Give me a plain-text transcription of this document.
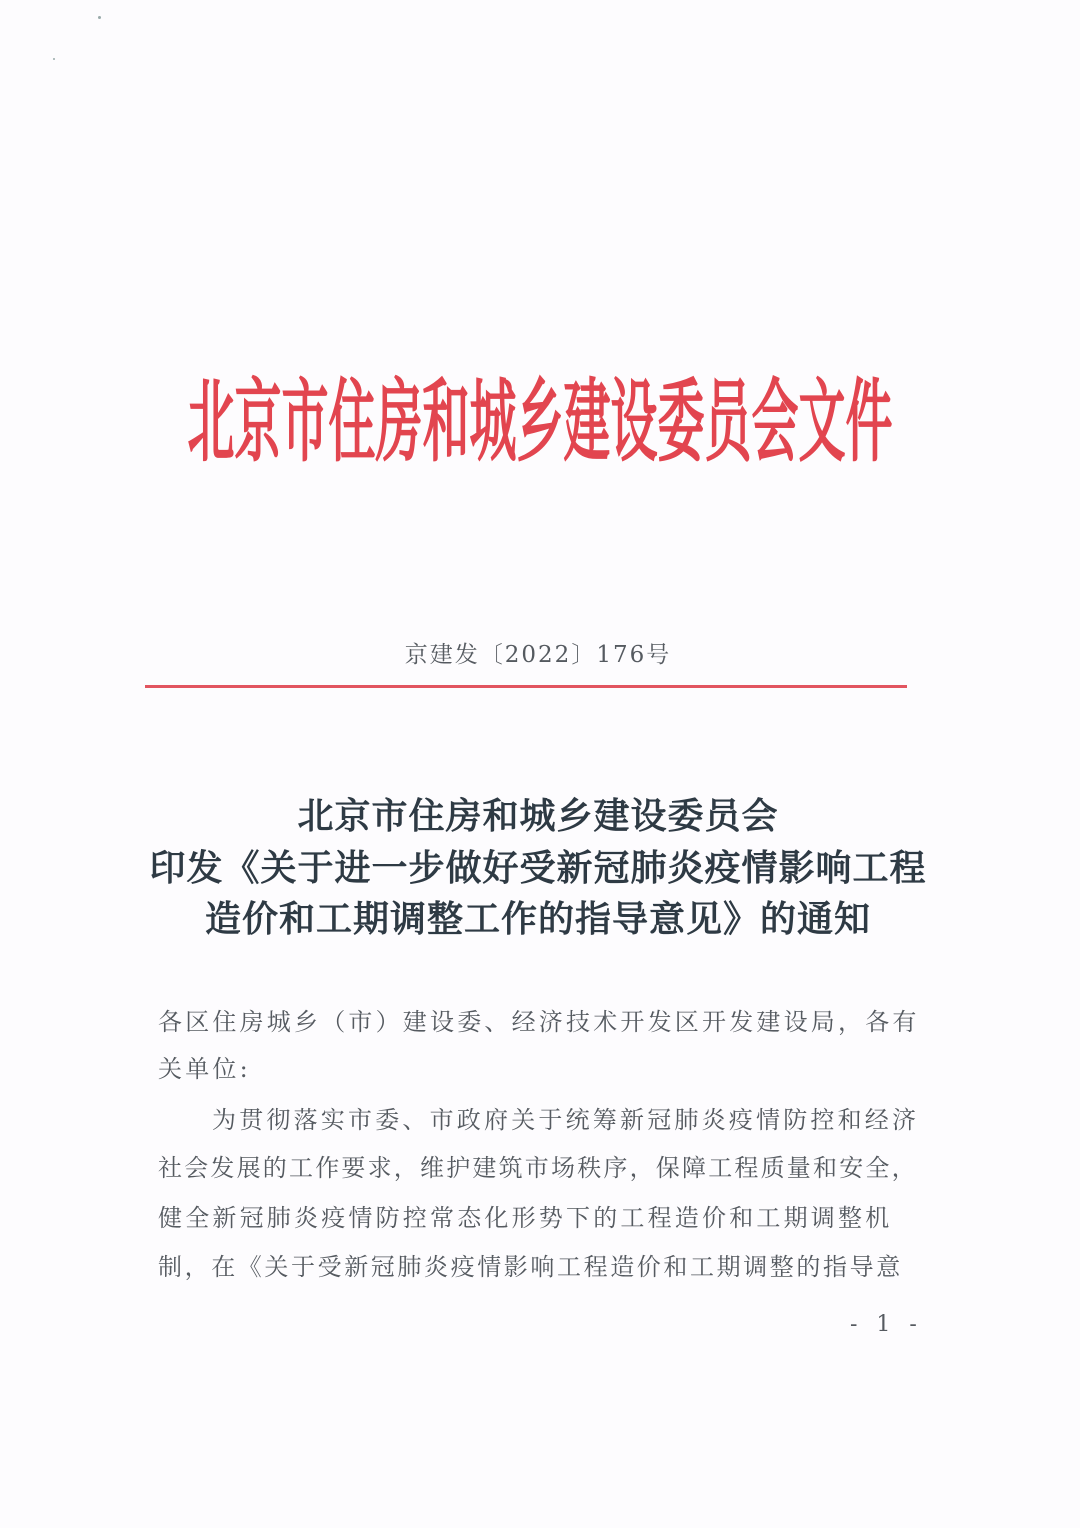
北京市住房和城乡建设委员会文件
京建发〔2022〕176号
北京市住房和城乡建设委员会
印发《关于进一步做好受新冠肺炎疫情影响工程
造价和工期调整工作的指导意见》的通知
各区住房城乡（市）建设委、经济技术开发区开发建设局，各有
关单位:
为贯彻落实市委、市政府关于统筹新冠肺炎疫情防控和经济
社会发展的工作要求，维护建筑市场秩序，保障工程质量和安全，
健全新冠肺炎疫情防控常态化形势下的工程造价和工期调整机
制，在《关于受新冠肺炎疫情影响工程造价和工期调整的指导意
- 1 -
